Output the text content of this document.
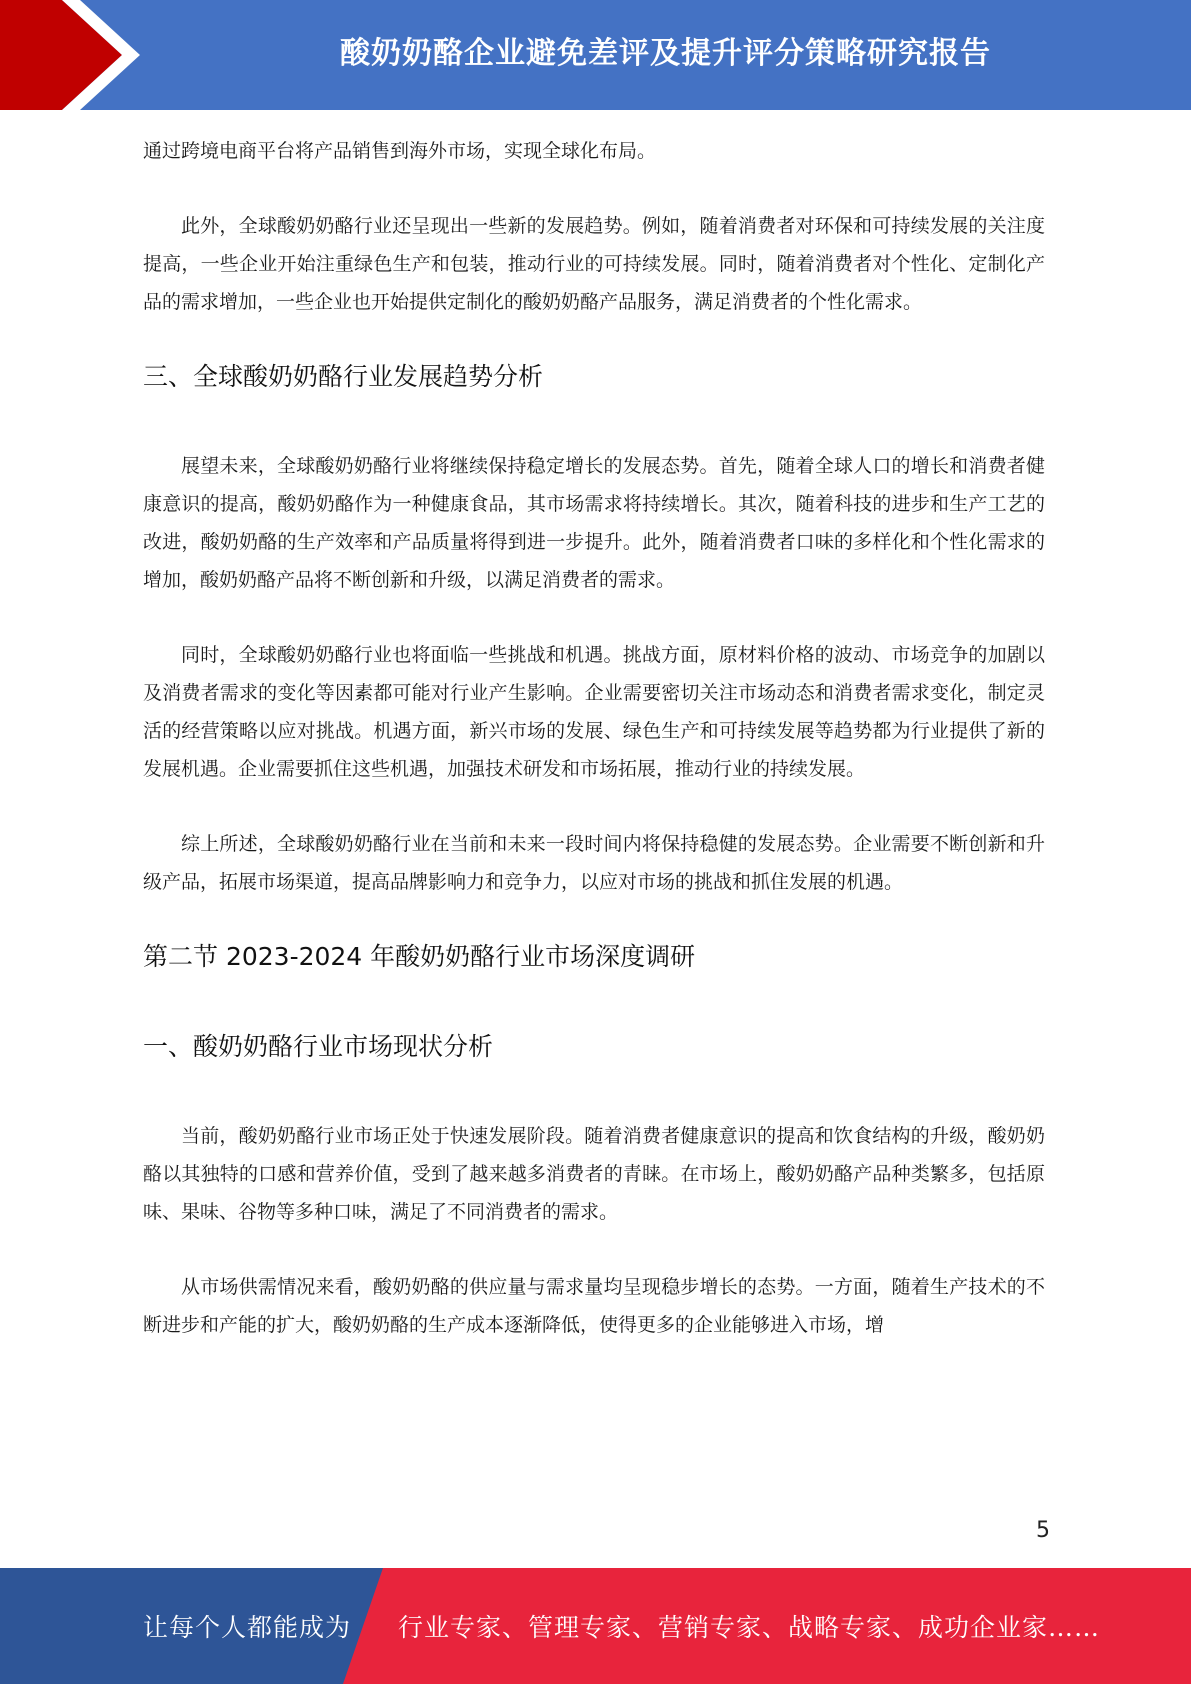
酸奶奶酪企业避免差评及提升评分策略研究报告

通过跨境电商平台将产品销售到海外市场，实现全球化布局。

此外，全球酸奶奶酪行业还呈现出一些新的发展趋势。例如，随着消费者对环保和可持续发展的关注度提高，一些企业开始注重绿色生产和包装，推动行业的可持续发展。同时，随着消费者对个性化、定制化产品的需求增加，一些企业也开始提供定制化的酸奶奶酪产品服务，满足消费者的个性化需求。

三、全球酸奶奶酪行业发展趋势分析

展望未来，全球酸奶奶酪行业将继续保持稳定增长的发展态势。首先，随着全球人口的增长和消费者健康意识的提高，酸奶奶酪作为一种健康食品，其市场需求将持续增长。其次，随着科技的进步和生产工艺的改进，酸奶奶酪的生产效率和产品质量将得到进一步提升。此外，随着消费者口味的多样化和个性化需求的增加，酸奶奶酪产品将不断创新和升级，以满足消费者的需求。

同时，全球酸奶奶酪行业也将面临一些挑战和机遇。挑战方面，原材料价格的波动、市场竞争的加剧以及消费者需求的变化等因素都可能对行业产生影响。企业需要密切关注市场动态和消费者需求变化，制定灵活的经营策略以应对挑战。机遇方面，新兴市场的发展、绿色生产和可持续发展等趋势都为行业提供了新的发展机遇。企业需要抓住这些机遇，加强技术研发和市场拓展，推动行业的持续发展。

综上所述，全球酸奶奶酪行业在当前和未来一段时间内将保持稳健的发展态势。企业需要不断创新和升级产品，拓展市场渠道，提高品牌影响力和竞争力，以应对市场的挑战和抓住发展的机遇。

第二节 2023-2024 年酸奶奶酪行业市场深度调研
一、酸奶奶酪行业市场现状分析

当前，酸奶奶酪行业市场正处于快速发展阶段。随着消费者健康意识的提高和饮食结构的升级，酸奶奶酪以其独特的口感和营养价值，受到了越来越多消费者的青睐。在市场上，酸奶奶酪产品种类繁多，包括原味、果味、谷物等多种口味，满足了不同消费者的需求。

从市场供需情况来看，酸奶奶酪的供应量与需求量均呈现稳步增长的态势。一方面，随着生产技术的不断进步和产能的扩大，酸奶奶酪的生产成本逐渐降低，使得更多的企业能够进入市场，增

5
让每个人都能成为 行业专家、管理专家、营销专家、战略专家、成功企业家……
